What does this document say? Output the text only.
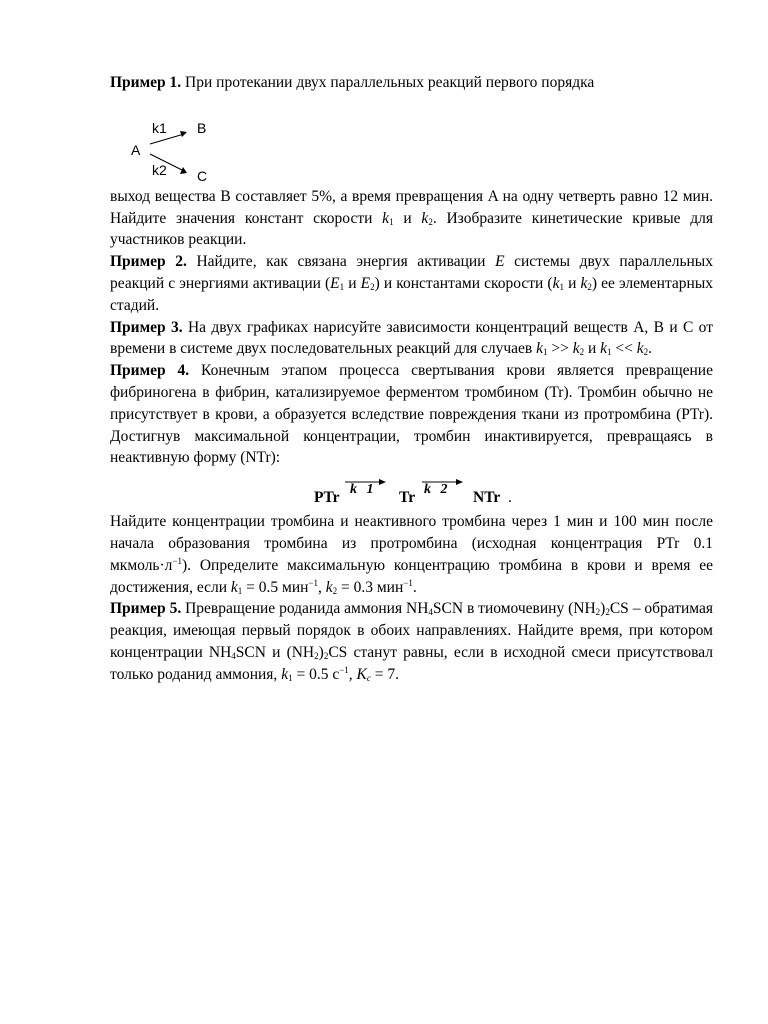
Пример 1. При протекании двух параллельных реакций первого порядка

A
k1 B
k2 C

выход вещества B составляет 5%, а время превращения A на одну четверть равно 12 мин. Найдите значения констант скорости $k_1$ и $k_2$. Изобразите кинетические кривые для участников реакции.

Пример 2. Найдите, как связана энергия активации E системы двух параллельных реакций с энергиями активации ($E_1$ и $E_2$) и константами скорости ($k_1$ и $k_2$) ее элементарных стадий.

Пример 3. На двух графиках нарисуйте зависимости концентраций веществ A, B и C от времени в системе двух последовательных реакций для случаев $k_1 >> k_2$ и $k_1 << k_2$.

Пример 4. Конечным этапом процесса свертывания крови является превращение фибриногена в фибрин, катализируемое ферментом тромбином (Tr). Тромбин обычно не присутствует в крови, а образуется вследствие повреждения ткани из протромбина (PTr). Достигнув максимальной концентрации, тромбин инактивируется, превращаясь в неактивную форму (NTr):

PTr k 1 Tr k 2 NTr .

Найдите концентрации тромбина и неактивного тромбина через 1 мин и 100 мин после начала образования тромбина из протромбина (исходная концентрация PTr 0.1 $мкмоль\cdot л^{-1}$). Определите максимальную концентрацию тромбина в крови и время ее достижения, если $k_1 = 0.5$ мин$^{-1}$, $k_2 = 0.3$ мин$^{-1}$.

Пример 5. Превращение роданида аммония $NH_4SCN$ в тиомочевину $(NH_2)_2CS$ – обратимая реакция, имеющая первый порядок в обоих направлениях. Найдите время, при котором концентрации $NH_4SCN$ и $(NH_2)_2CS$ станут равны, если в исходной смеси присутствовал только роданид аммония, $k_1 = 0.5$ $с^{-1}$, $K_c = 7$.
